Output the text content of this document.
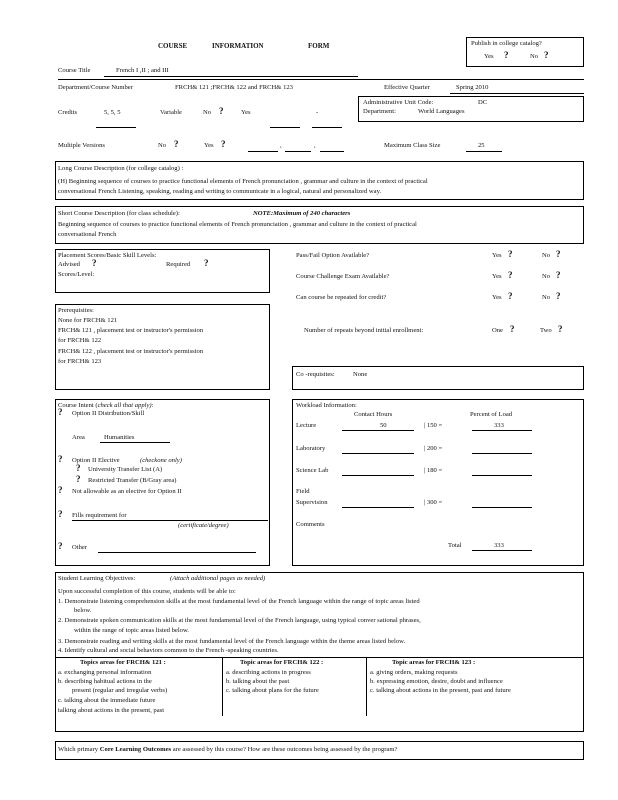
COURSE	INFORMATION	FORM	Publish in college catalog?
Yes ?	No ?
Course Title	French I ,II ; and III
Department/Course Number	FRCH& 121 ;FRCH& 122 and FRCH& 123	Effective Quarter	Spring 2010
Administrative Unit Code:	DC
Department:	World Languages
Credits	5, 5, 5	Variable	No ?	Yes	-
Multiple Versions	No ?	Yes ?	,	,	Maximum Class Size	25
Long Course Description (for college catalog) :
(H) Beginning sequence of courses to practice functional elements of French pronunciation , grammar and culture in the context of practical
conversational French Listening, speaking, reading and writing to communicate in a logical, natural and personalized way.
Short Course Description (for class schedule):	NOTE:Maximum of 240 characters
Beginning sequence of courses to practice functional elements of French pronunciation , grammar and culture in the context of practical
conversational French
Placement Scores/Basic Skill Levels:
Advised ?	Required ?
Scores/Level:
Pass/Fail Option Available?	Yes ?	No ?
Course Challenge Exam Available?	Yes ?	No ?
Can course be repeated for credit?	Yes ?	No ?
Number of repeats beyond initial enrollment:	One ?	Two ?
Prerequisites:
None for FRCH& 121
FRCH& 121 , placement test or instructor's permission
for FRCH& 122
FRCH& 122 , placement test or instructor's permission
for FRCH& 123
Co -requisites:	None
Course Intent (check all that apply):
? Option II Distribution/Skill
Area	Humanities
? Option II Elective	(checkone only)
? University Transfer List (A)
? Restricted Transfer (B/Gray area)
? Not allowable as an elective for Option II
? Fills requirement for
(certificate/degree)
? Other
Workload Information:
Contact Hours	Percent of Load
Lecture	50	| 150 =	333
Laboratory	| 200 =
Science Lab	| 180 =
Field
Supervision	| 300 =
Comments
Total	333
Student Learning Objectives:	(Attach additional pages as needed)
Upon successful completion of this course, students will be able to:
1. Demonstrate listening comprehension skills at the most fundamental level of the French language within the range of topic areas listed
below.
2. Demonstrate spoken communication skills at the most fundamental level of the French language, using typical conver sational phrases,
within the range of topic areas listed below.
3. Demonstrate reading and writing skills at the most fundamental level of the French language within the theme areas listed below.
4. Identify cultural and social behaviors common to the French -speaking countries.
Topics areas for FRCH& 121 :
a. exchanging personal information
b. describing habitual actions in the
present (regular and irregular verbs)
c. talking about the immediate future
talking about actions in the present, past
Topic areas for FRCH& 122 :
a. describing actions in progress
b. talking about the past
c. talking about plans for the future
Topic areas for FRCH& 123 :
a. giving orders, making requests
b. expressing emotion, desire, doubt and influence
c. talking about actions in the present, past and future
Which primary Core Learning Outcomes are assessed by this course? How are these outcomes being assessed by the program?
